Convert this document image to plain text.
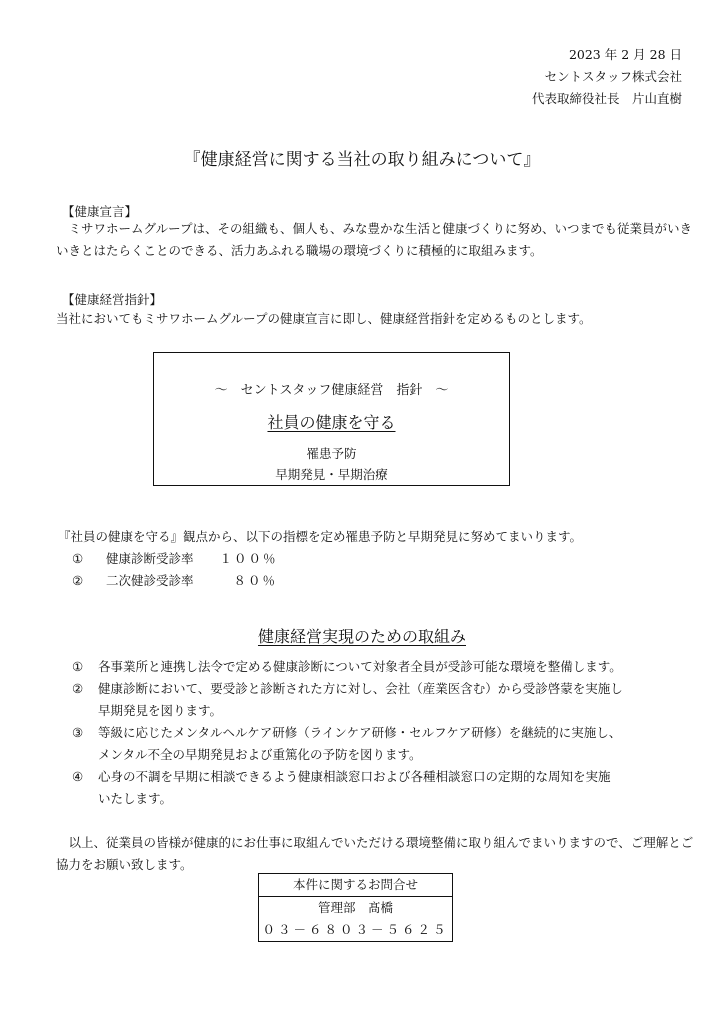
2023 年 2 月 28 日
セントスタッフ株式会社
代表取締役社長　片山直樹
『健康経営に関する当社の取り組みについて』
【健康宣言】
ミサワホームグループは、その組織も、個人も、みな豊かな生活と健康づくりに努め、いつまでも従業員がいきいきとはたらくことのできる、活力あふれる職場の環境づくりに積極的に取組みます。
【健康経営指針】
当社においてもミサワホームグループの健康宣言に即し、健康経営指針を定めるものとします。
～　セントスタッフ健康経営　指針　～
社員の健康を守る
罹患予防
早期発見・早期治療
『社員の健康を守る』観点から、以下の指標を定め罹患予防と早期発見に努めてまいります。
① 健康診断受診率 １００％
② 二次健診受診率	８０％
健康経営実現のための取組み
①	各事業所と連携し法令で定める健康診断について対象者全員が受診可能な環境を整備します。
②	健康診断において、要受診と診断された方に対し、会社（産業医含む）から受診啓蒙を実施し
早期発見を図ります。
③	等級に応じたメンタルヘルケア研修（ラインケア研修・セルフケア研修）を継続的に実施し、
メンタル不全の早期発見および重篤化の予防を図ります。
④	心身の不調を早期に相談できるよう健康相談窓口および各種相談窓口の定期的な周知を実施
いたします。
以上、従業員の皆様が健康的にお仕事に取組んでいただける環境整備に取り組んでまいりますので、ご理解とご協力をお願い致します。
本件に関するお問合せ
管理部　髙橋
０３－６８０３－５６２５
